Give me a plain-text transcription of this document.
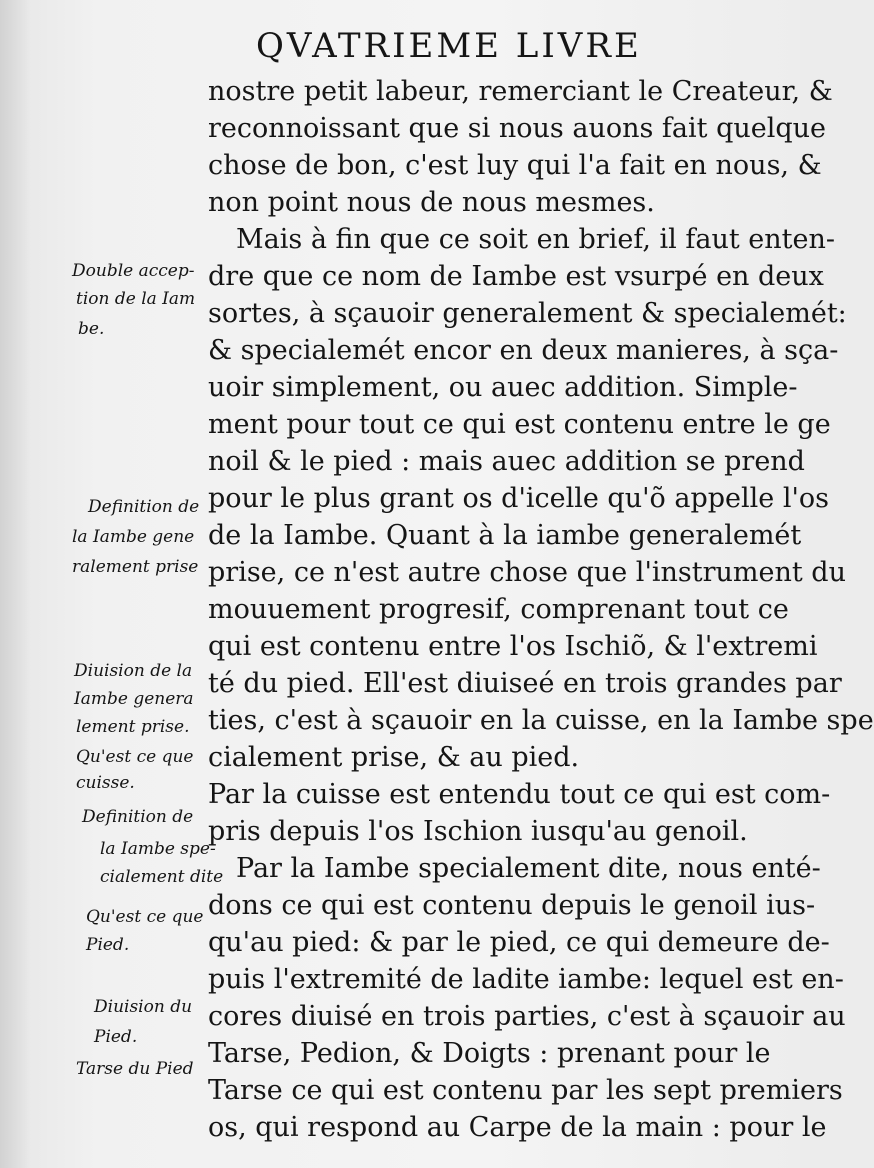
QVATRIEME LIVRE
nostre petit labeur, remerciant le Createur, &
reconnoissant que si nous auons fait quelque
chose de bon, c'est luy qui l'a fait en nous, &
non point nous de nous mesmes.
Mais à fin que ce soit en brief, il faut enten-
dre que ce nom de Iambe est vsurpé en deux
sortes, à sçauoir generalement & specialemét:
& specialemét encor en deux manieres, à sça-
uoir simplement, ou auec addition. Simple-
ment pour tout ce qui est contenu entre le ge
noil & le pied : mais auec addition se prend
pour le plus grant os d'icelle qu'õ appelle l'os
de la Iambe. Quant à la iambe generalemét
prise, ce n'est autre chose que l'instrument du
mouuement progresif, comprenant tout ce
qui est contenu entre l'os Ischiõ, & l'extremi
té du pied. Ell'est diuiseé en trois grandes par
ties, c'est à sçauoir en la cuisse, en la Iambe spe
cialement prise, & au pied.
Par la cuisse est entendu tout ce qui est com-
pris depuis l'os Ischion iusqu'au genoil.
Par la Iambe specialement dite, nous enté-
dons ce qui est contenu depuis le genoil ius-
qu'au pied: & par le pied, ce qui demeure de-
puis l'extremité de ladite iambe: lequel est en-
cores diuisé en trois parties, c'est à sçauoir au
Tarse, Pedion, & Doigts : prenant pour le
Tarse ce qui est contenu par les sept premiers
os, qui respond au Carpe de la main : pour le
Double accep-
tion de la Iam
be.
Definition de
la Iambe gene
ralement prise
Diuision de la
Iambe genera
lement prise.
Qu'est ce que
cuisse.
Definition de
la Iambe spe-
cialement dite
Qu'est ce que
Pied.
Diuision du
Pied.
Tarse du Pied
